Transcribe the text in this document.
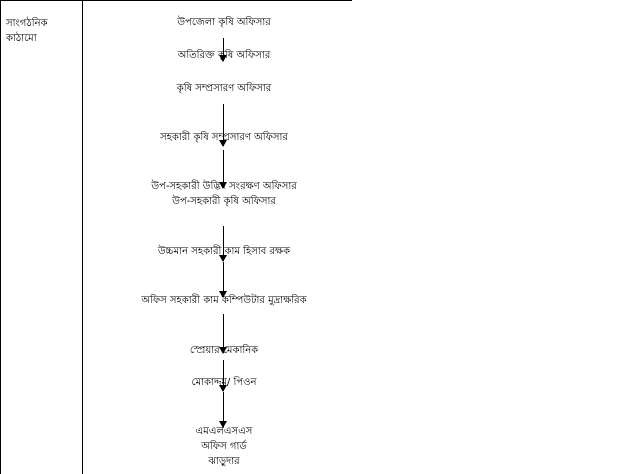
সাংগঠনিক
কাঠামো
উপজেলা কৃষি অফিসার
অতিরিক্ত কৃষি অফিসার
কৃষি সম্প্রসারণ অফিসার
সহকারী কৃষি সম্প্রসারণ অফিসার
উপ-সহকারী উদ্ভিদ সংরক্ষণ অফিসার
উপ-সহকারী কৃষি অফিসার
উচ্চমান সহকারী কাম হিসাব রক্ষক
অফিস সহকারী কাম কম্পিউটার মুদ্রাক্ষরিক
স্প্রেয়ার মেকানিক
মোকাদ্দম/ পিওন
এমএলএসএস
অফিস গার্ড
ঝাড়ুদার
